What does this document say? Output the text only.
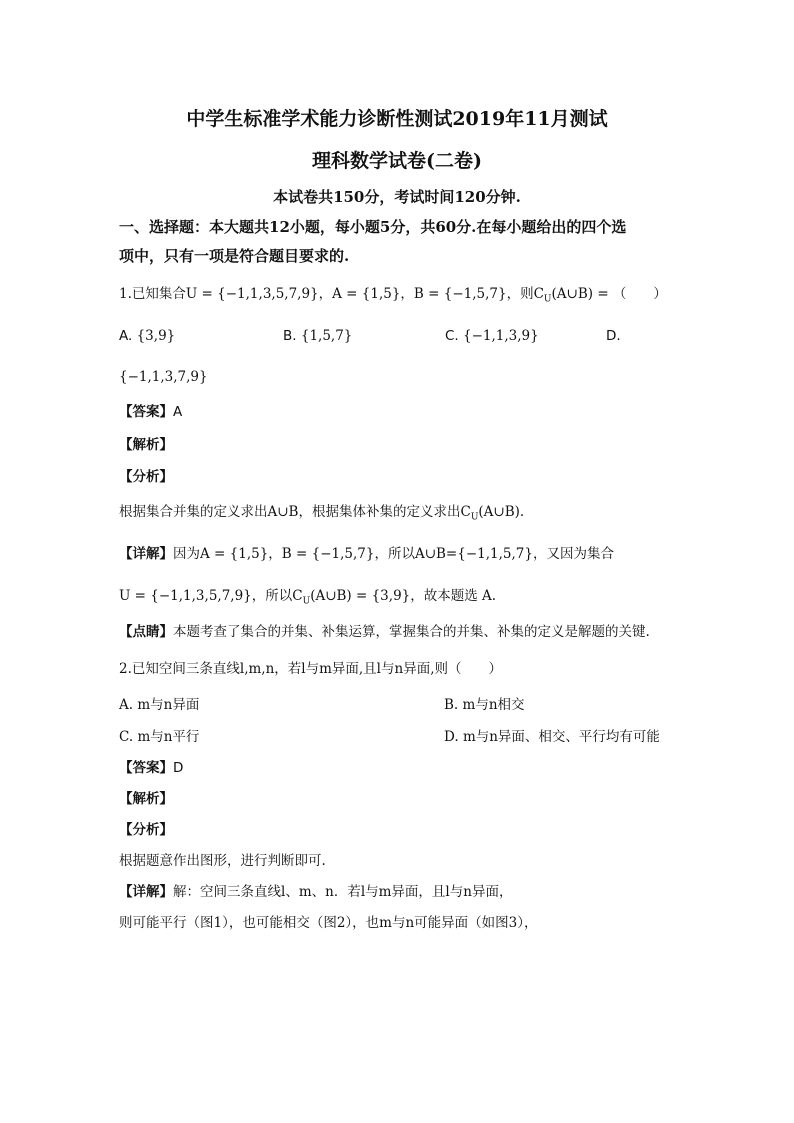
中学生标准学术能力诊断性测试2019年11月测试
理科数学试卷(二卷)
本试卷共150分，考试时间120分钟.
一、选择题：本大题共12小题，每小题5分，共60分.在每小题给出的四个选
项中，只有一项是符合题目要求的.
1.已知集合U = {−1,1,3,5,7,9}，A = {1,5}，B = {−1,5,7}，则$C_U(A\cup B)$ = （　　）
A. {3,9}	B. {1,5,7}	C. {−1,1,3,9}	D.
{−1,1,3,7,9}
【答案】A
【解析】
【分析】
根据集合并集的定义求出A∪B，根据集体补集的定义求出$C_U(A\cup B)$.
【详解】因为A = {1,5}，B = {−1,5,7}，所以A∪B={−1,1,5,7}，又因为集合
U = {−1,1,3,5,7,9}，所以$C_U(A\cup B) = \{3,9\}$，故本题选 A.
【点睛】本题考查了集合的并集、补集运算，掌握集合的并集、补集的定义是解题的关键.
2.已知空间三条直线l,m,n，若l与m异面,且l与n异面,则（　　）
A. m与n异面	B. m与n相交
C. m与n平行	D. m与n异面、相交、平行均有可能
【答案】D
【解析】
【分析】
根据题意作出图形，进行判断即可.
【详解】解：空间三条直线l、m、n．若l与m异面，且l与n异面，
则可能平行（图1），也可能相交（图2），也m与n可能异面（如图3），
